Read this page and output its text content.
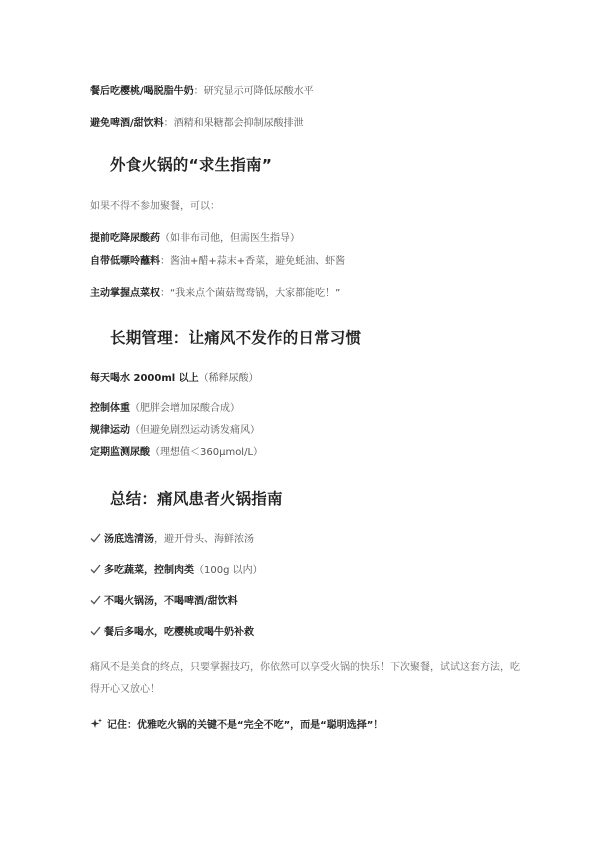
餐后吃樱桃/喝脱脂牛奶：研究显示可降低尿酸水平
避免啤酒/甜饮料：酒精和果糖都会抑制尿酸排泄
外食火锅的“求生指南”
如果不得不参加聚餐，可以：
提前吃降尿酸药（如非布司他，但需医生指导）
自带低嘌呤蘸料：酱油+醋+蒜末+香菜，避免蚝油、虾酱
主动掌握点菜权：“我来点个菌菇鸳鸯锅，大家都能吃！”
长期管理：让痛风不发作的日常习惯
每天喝水 2000ml 以上（稀释尿酸）
控制体重（肥胖会增加尿酸合成）
规律运动（但避免剧烈运动诱发痛风）
定期监测尿酸（理想值＜360μmol/L）
总结：痛风患者火锅指南
汤底选清汤，避开骨头、海鲜浓汤
多吃蔬菜，控制肉类（100g 以内）
不喝火锅汤，不喝啤酒/甜饮料
餐后多喝水，吃樱桃或喝牛奶补救
痛风不是美食的终点，只要掌握技巧，你依然可以享受火锅的快乐！下次聚餐，试试这套方法，吃得开心又放心！
记住：优雅吃火锅的关键不是“完全不吃”，而是“聪明选择”！
